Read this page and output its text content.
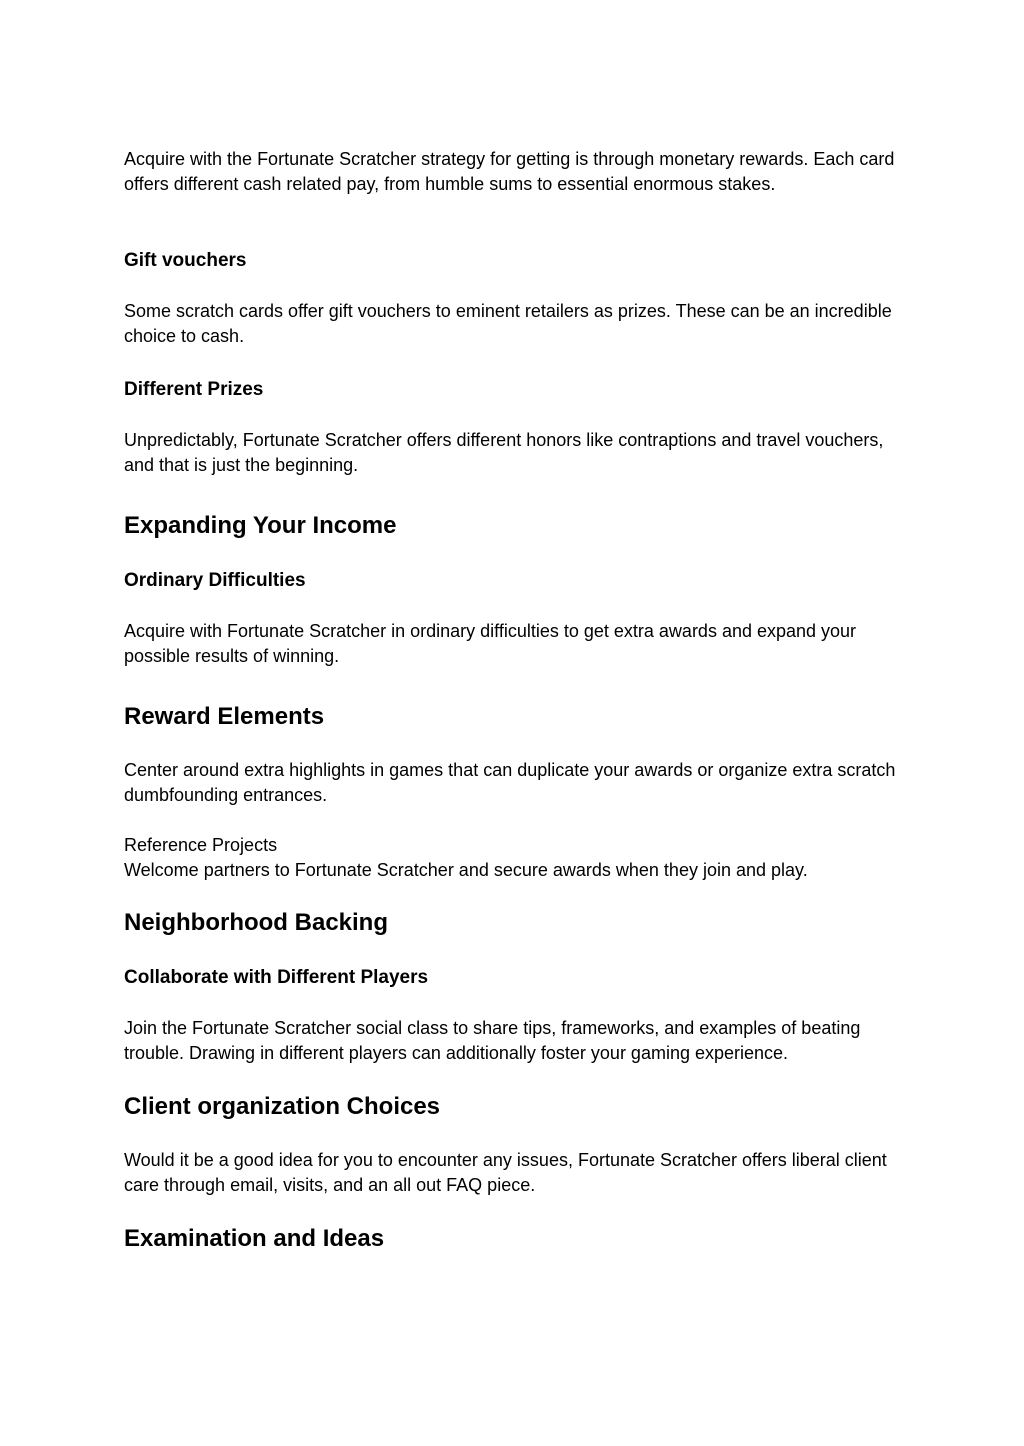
Acquire with the Fortunate Scratcher strategy for getting is through monetary rewards. Each card offers different cash related pay, from humble sums to essential enormous stakes.

Gift vouchers

Some scratch cards offer gift vouchers to eminent retailers as prizes. These can be an incredible choice to cash.

Different Prizes

Unpredictably, Fortunate Scratcher offers different honors like contraptions and travel vouchers, and that is just the beginning.

Expanding Your Income
Ordinary Difficulties

Acquire with Fortunate Scratcher in ordinary difficulties to get extra awards and expand your possible results of winning.

Reward Elements

Center around extra highlights in games that can duplicate your awards or organize extra scratch dumbfounding entrances.

Reference Projects

Welcome partners to Fortunate Scratcher and secure awards when they join and play.

Neighborhood Backing
Collaborate with Different Players

Join the Fortunate Scratcher social class to share tips, frameworks, and examples of beating trouble. Drawing in different players can additionally foster your gaming experience.

Client organization Choices

Would it be a good idea for you to encounter any issues, Fortunate Scratcher offers liberal client care through email, visits, and an all out FAQ piece.

Examination and Ideas
